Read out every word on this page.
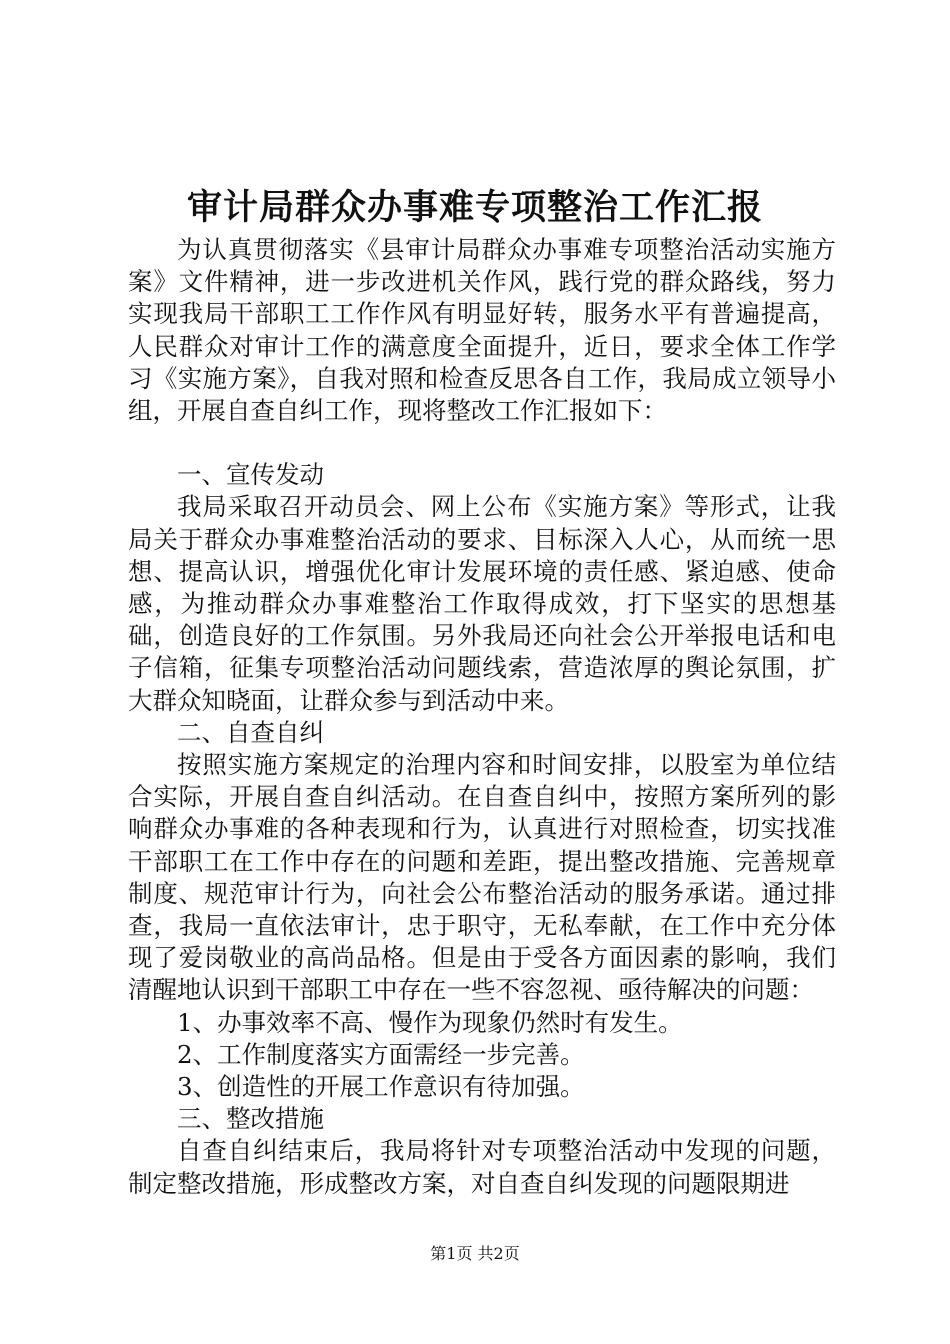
审计局群众办事难专项整治工作汇报

为认真贯彻落实《县审计局群众办事难专项整治活动实施方案》文件精神，进一步改进机关作风，践行党的群众路线，努力实现我局干部职工工作作风有明显好转，服务水平有普遍提高，人民群众对审计工作的满意度全面提升，近日，要求全体工作学习《实施方案》，自我对照和检查反思各自工作，我局成立领导小组，开展自查自纠工作，现将整改工作汇报如下：

一、宣传发动

我局采取召开动员会、网上公布《实施方案》等形式，让我局关于群众办事难整治活动的要求、目标深入人心，从而统一思想、提高认识，增强优化审计发展环境的责任感、紧迫感、使命感，为推动群众办事难整治工作取得成效，打下坚实的思想基础，创造良好的工作氛围。另外我局还向社会公开举报电话和电子信箱，征集专项整治活动问题线索，营造浓厚的舆论氛围，扩大群众知晓面，让群众参与到活动中来。

二、自查自纠

按照实施方案规定的治理内容和时间安排，以股室为单位结合实际，开展自查自纠活动。在自查自纠中，按照方案所列的影响群众办事难的各种表现和行为，认真进行对照检查，切实找准干部职工在工作中存在的问题和差距，提出整改措施、完善规章制度、规范审计行为，向社会公布整治活动的服务承诺。通过排查，我局一直依法审计，忠于职守，无私奉献，在工作中充分体现了爱岗敬业的高尚品格。但是由于受各方面因素的影响，我们清醒地认识到干部职工中存在一些不容忽视、亟待解决的问题：

1、办事效率不高、慢作为现象仍然时有发生。

2、工作制度落实方面需经一步完善。

3、创造性的开展工作意识有待加强。

三、整改措施

自查自纠结束后，我局将针对专项整治活动中发现的问题，制定整改措施，形成整改方案，对自查自纠发现的问题限期进

第1页 共2页
